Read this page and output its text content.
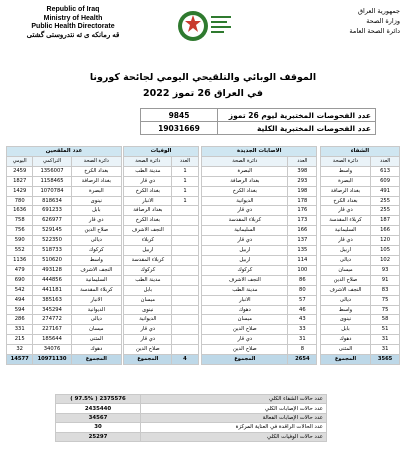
Republic of Iraq
Ministry of Health
Public Health Directorate
قه رمانكه ى ئه نتدروستى گشتى
جمهورية العراق
وزارة الصحة
دائرة الصحة العامة
الموقف الوبائي والتلقيحي اليومي لجائحة كورونا
في العراق 26 تموز 2022
9845	عدد الفحوصات المختبرية ليوم 26 تموز
19031669	عدد الفحوصات المختبرية الكلية
عدد الملقحين				الوفيات			الاصابات الجديدة			الشفاء	
اليومي	التراكمي	دائرة الصحة		دائرة الصحة	العدد		دائرة الصحة	العدد		دائرة الصحة	العدد
2459	1356007	بغداد الكرخ		مدينة الطب	1		البصرة	398		واسط	613
1827	1158465	بغداد الرصافة		ذي قار	1		بغداد الرصافة	293		البصرة	609
1429	1070784	البصرة		بغداد الكرخ	1		بغداد الكرخ	198		بغداد الرصافة	491
780	818634	نينوى		الانبار	1		الديوانية	178		بغداد الكرخ	255
1636	691233	بابل		بغداد الرصافة			ذي قار	176		ذي قار	255
758	626977	ذي قار		بغداد الكرخ			كربلاء المقدسة	173		كربلاء المقدسة	187
756	529145	صلاح الدين		النجف الاشرف			السليمانية	166		السليمانية	166
590	522350	ديالى		كربلاء			ذي قار	137		ذي قار	120
552	518733	كركوك		اربيل			اربيل	135		اربيل	105
1136	510620	واسط		كربلاء المقدسة			اربيل	114		ديالى	102
479	493128	النجف الاشرف		كركوك			كركوك	100		ميسان	93
690	444856	السليمانية		مدينة الطب			النجف الاشرف	86		صلاح الدين	91
542	441181	كربلاء المقدسة		بابل			مدينة الطب	80		النجف الاشرف	83
494	385163	الانبار		ميسان			الانبار	57		ديالى	75
594	345294	الديوانية		نينوى			دهوك	46		واسط	75
286	274772	ديالى		الديوانية			ميسان	43		نينوى	58
331	227167	ميسان		ذي قار			صلاح الدين	33		بابل	51
215	185644	المثنى		ذي قار			ذي قار	31		دهوك	31
32	34076	دهوك		صلاح الدين			صلاح الدين	8		المثنى	31
14577	10971130	المجموع		المجموع	4		المجموع	2654		المجموع	3565
( 97.5% ) 2375576	عدد حالات الشفاء الكلي
2435440	عدد حالات الإصابات الكلي
34567	عدد حالات الإصابات الفعالة
30	عدد الحالات الراقدة في العناية المركزة
25297	عدد حالات الوفيات الكلي
